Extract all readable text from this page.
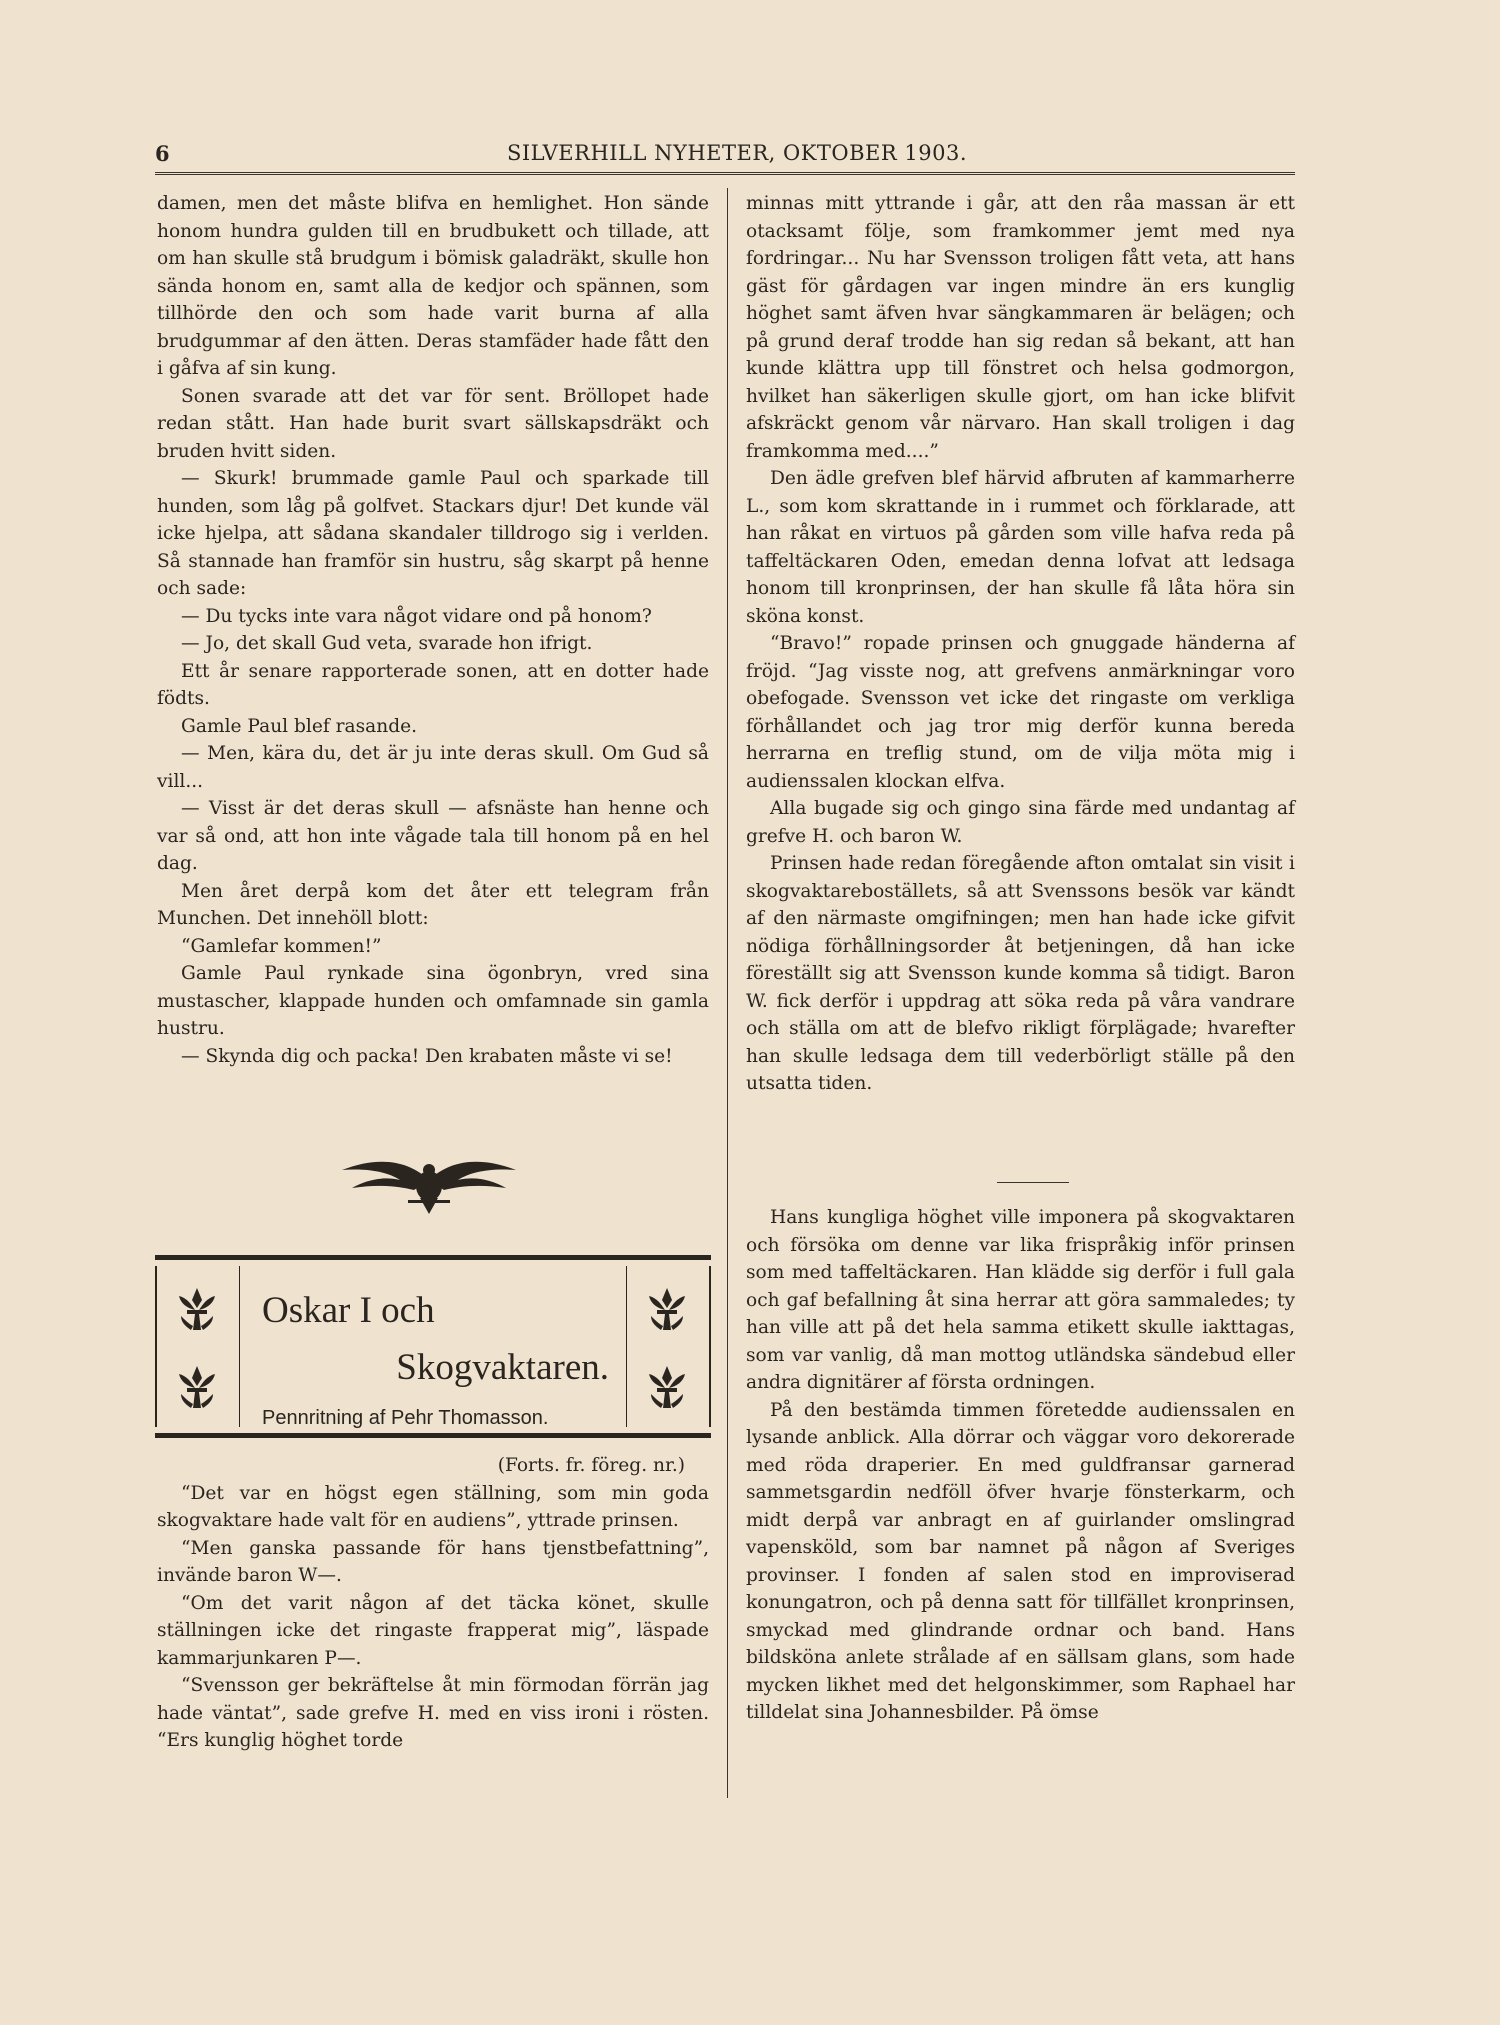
6	SILVERHILL NYHETER, OKTOBER 1903.

damen, men det måste blifva en hemlighet. Hon sände honom hundra gulden till en brudbukett och tillade, att om han skulle stå brudgum i bömisk galadräkt, skulle hon sända honom en, samt alla de kedjor och spännen, som tillhörde den och som hade varit burna af alla brudgummar af den ätten. Deras stamfäder hade fått den i gåfva af sin kung.

Sonen svarade att det var för sent. Bröllopet hade redan stått. Han hade burit svart sällskapsdräkt och bruden hvitt siden.

— Skurk! brummade gamle Paul och sparkade till hunden, som låg på golfvet. Stackars djur! Det kunde väl icke hjelpa, att sådana skandaler tilldrogo sig i verlden. Så stannade han framför sin hustru, såg skarpt på henne och sade:

— Du tycks inte vara något vidare ond på honom?

— Jo, det skall Gud veta, svarade hon ifrigt.

Ett år senare rapporterade sonen, att en dotter hade födts.

Gamle Paul blef rasande.

— Men, kära du, det är ju inte deras skull. Om Gud så vill...

— Visst är det deras skull — afsnäste han henne och var så ond, att hon inte vågade tala till honom på en hel dag.

Men året derpå kom det åter ett telegram från Munchen. Det innehöll blott:

“Gamlefar kommen!”

Gamle Paul rynkade sina ögonbryn, vred sina mustascher, klappade hunden och omfamnade sin gamla hustru.

— Skynda dig och packa! Den krabaten måste vi se!

Oskar I och
Skogvaktaren.
Pennritning af Pehr Thomasson.

(Forts. fr. föreg. nr.)

“Det var en högst egen ställning, som min goda skogvaktare hade valt för en audiens”, yttrade prinsen.

“Men ganska passande för hans tjenstbefattning”, invände baron W—.

“Om det varit någon af det täcka könet, skulle ställningen icke det ringaste frapperat mig”, läspade kammarjunkaren P—.

“Svensson ger bekräftelse åt min förmodan förrän jag hade väntat”, sade grefve H. med en viss ironi i rösten. “Ers kunglig höghet torde

minnas mitt yttrande i går, att den råa massan är ett otacksamt följe, som framkommer jemt med nya fordringar... Nu har Svensson troligen fått veta, att hans gäst för gårdagen var ingen mindre än ers kunglig höghet samt äfven hvar sängkammaren är belägen; och på grund deraf trodde han sig redan så bekant, att han kunde klättra upp till fönstret och helsa godmorgon, hvilket han säkerligen skulle gjort, om han icke blifvit afskräckt genom vår närvaro. Han skall troligen i dag framkomma med....”

Den ädle grefven blef härvid afbruten af kammarherre L., som kom skrattande in i rummet och förklarade, att han råkat en virtuos på gården som ville hafva reda på taffeltäckaren Oden, emedan denna lofvat att ledsaga honom till kronprinsen, der han skulle få låta höra sin sköna konst.

“Bravo!” ropade prinsen och gnuggade händerna af fröjd. “Jag visste nog, att grefvens anmärkningar voro obefogade. Svensson vet icke det ringaste om verkliga förhållandet och jag tror mig derför kunna bereda herrarna en treflig stund, om de vilja möta mig i audienssalen klockan elfva.

Alla bugade sig och gingo sina färde med undantag af grefve H. och baron W.

Prinsen hade redan föregående afton omtalat sin visit i skogvaktareboställets, så att Svenssons besök var kändt af den närmaste omgifningen; men han hade icke gifvit nödiga förhållningsorder åt betjeningen, då han icke föreställt sig att Svensson kunde komma så tidigt. Baron W. fick derför i uppdrag att söka reda på våra vandrare och ställa om att de blefvo rikligt förplägade; hvarefter han skulle ledsaga dem till vederbörligt ställe på den utsatta tiden.

Hans kungliga höghet ville imponera på skogvaktaren och försöka om denne var lika frispråkig inför prinsen som med taffeltäckaren. Han klädde sig derför i full gala och gaf befallning åt sina herrar att göra sammaledes; ty han ville att på det hela samma etikett skulle iakttagas, som var vanlig, då man mottog utländska sändebud eller andra dignitärer af första ordningen.

På den bestämda timmen företedde audienssalen en lysande anblick. Alla dörrar och väggar voro dekorerade med röda draperier. En med guldfransar garnerad sammetsgardin nedföll öfver hvarje fönsterkarm, och midt derpå var anbragt en af guirlander omslingrad vapensköld, som bar namnet på någon af Sveriges provinser. I fonden af salen stod en improviserad konungatron, och på denna satt för tillfället kronprinsen, smyckad med glindrande ordnar och band. Hans bildsköna anlete strålade af en sällsam glans, som hade mycken likhet med det helgonskimmer, som Raphael har tilldelat sina Johannesbilder. På ömse
